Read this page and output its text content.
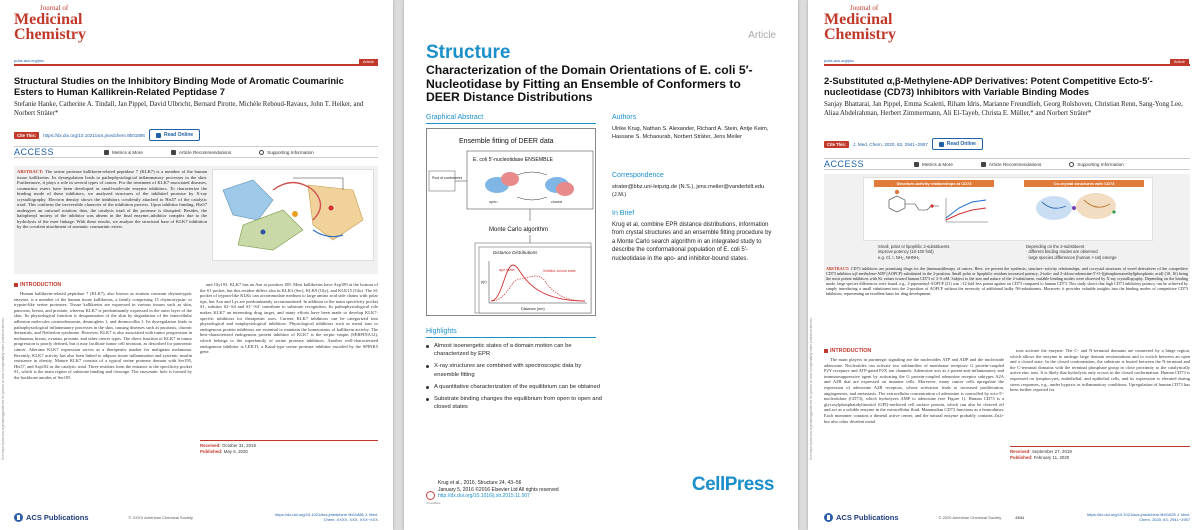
See https://pubs.acs.org/sharingguidelines for options on how to legitimately share published articles.
Journal of
Medicinal
Chemistry
pubs.acs.org/jmc	Article
Structural Studies on the Inhibitory Binding Mode of Aromatic Coumarinic Esters to Human Kallikrein-Related Peptidase 7
Stefanie Hanke, Catherine A. Tindall, Jan Pippel, David Ulbricht, Bernard Pirotte, Michèle Reboud-Ravaux, John T. Heiker, and Norbert Sträter*
Cite This:	https://dx.doi.org/10.1021/acs.jmedchem.9b01886	Read Online
ACCESS	Metrics & More	Article Recommendations	Supporting Information
ABSTRACT: The serine protease kallikrein-related peptidase 7 (KLK7) is a member of the human tissue kallikreins. Its dysregulation leads to pathophysiological inflammatory processes in the skin. Furthermore, it plays a role in several types of cancer. For the treatment of KLK7-associated diseases, coumarinic esters have been developed as small-molecule enzyme inhibitors. To characterize the binding mode of these inhibitors, we analyzed structures of the inhibited protease by X-ray crystallography. Electron density shows the inhibitors covalently attached to His57 of the catalytic triad. This confirms the irreversible character of the inhibition process. Upon inhibitor binding, His57 undergoes an outward rotation; thus, the catalytic triad of the protease is disrupted. Besides, the halophenyl moiety of the inhibitor was absent in the final enzyme–inhibitor complex due to the hydrolysis of the ester linkage. With these results, we analyze the structural base of KLK7 inhibition by the covalent attachment of aromatic coumarinic esters.
INTRODUCTION

Human kallikrein-related peptidase 7 (KLK7), also known as stratum corneum chymotryptic enzyme, is a member of the human tissue kallikreins, a family comprising 15 chymotrypsin- or trypsin-like serine proteases. Tissue kallikreins are expressed in various tissues such as skin, pancreas, breast, and prostate, whereas KLK7 is predominantly expressed in the outer layer of the skin. Its physiological function is desquamation of the skin by degradation of the intercellular adhesion molecules corneodesmosin, desmoglein 1, and desmocollin 1. Its dysregulation leads to pathophysiological inflammatory processes in the skin, causing diseases such as psoriasis, chronic dermatitis, and Netherton syndrome. However, KLK7 is also associated with tumor progression in melanoma, breast, ovarian, prostate, and other cancer types. The direct function of KLK7 in tumor progression is poorly defined, but it may facilitate tumor cell invasion, as described for pancreatic cancer. Aberrant KLK7 expression serves as a therapeutic marker for malignant melanoma. Recently, KLK7 activity has also been linked to adipose tissue inflammation and systemic insulin resistance in obesity. Mature KLK7 consists of a typical serine protease domain with Ser195, His57, and Asp102 as the catalytic triad. Three residues form the entrance to the specificity pocket S1, which is the main region of substrate binding and cleavage. The enzymatic hole is formed by the backbone amides of Ser195

and Gly193. KLK7 has an Asn at position 189. Most kallikreins have Asp189 at the bottom of the S1 pocket, but this residue differs also in KLK3 (Ser), KLK9 (Gly), and KLK15 (Glu). The S1 pocket of trypsin-like KLKs can accommodate medium to large amino acid side chains with polar tips, but Asn and Lys are predominantly accommodated. In addition to the main specificity pocket S1, subsites S2−S4 and S1′−S4′ contribute to substrate recognition. Its pathophysiological role makes KLK7 an interesting drug target, and many efforts have been made to develop KLK7-specific inhibitors for therapeutic uses. Current KLK7 inhibitors can be categorized into physiological and nonphysiological inhibitors. Physiological inhibitors such as metal ions or endogenous protein inhibitors are essential to maintain the homeostasis of kallikrein activity. The best-characterized endogenous protein inhibitor of KLK7 is the serpin vaspin (SERPINA12), which belongs to the superfamily of serine protease inhibitors. Another well-characterized endogenous inhibitor is LEKTI, a Kazal-type serine protease inhibitor encoded by the SPINK5 gene.

Received: October 31, 2019
Published: May 6, 2020
ACS Publications	© XXXX American Chemical Society	https://dx.doi.org/10.1021/acs.jmedchem.9b01886 J. Med. Chem. XXXX, XXX, XXX−XXX
Article
Structure
Characterization of the Domain Orientations of E. coli 5′-Nucleotidase by Fitting an Ensemble of Conformers to DEER Distance Distributions
Graphical Abstract
Ensemble fitting of DEER data
Pool of conformers
E. coli 5′-nucleotidase ENSEMBLE
open	closed
Monte Carlo algorithm
Distance Distributions
p(r)
Distance (nm)
apo state	inhibitor-bound state
Authors
Ulrike Krug, Nathan S. Alexander, Richard A. Stein, Antje Keim, Hassane S. Mchaourab, Norbert Sträter, Jens Meiler
Correspondence
strater@bbz.uni-leipzig.de (N.S.), jens.meiler@vanderbilt.edu (J.M.)
In Brief
Krug et al. combine EPR distance distributions, information from crystal structures and an ensemble fitting procedure by a Monte Carlo search algorithm in an integrated study to describe the conformational population of E. coli 5′-nucleotidase in the apo- and inhibitor-bound states.
Highlights
Almost isoenergetic states of a domain motion can be characterized by EPR
X-ray structures are combined with spectroscopic data by ensemble fitting
A quantitative characterization of the equilibrium can be obtained
Substrate binding changes the equilibrium from open to open and closed states
CrossMark
Krug et al., 2016, Structure 24, 43–56
January 5, 2016 ©2016 Elsevier Ltd All rights reserved
http://dx.doi.org/10.1016/j.str.2015.11.007
CellPress
See https://pubs.acs.org/sharingguidelines for options on how to legitimately share published articles.
Journal of
Medicinal
Chemistry
pubs.acs.org/jmc	Article
2-Substituted α,β-Methylene-ADP Derivatives: Potent Competitive Ecto-5′-nucleotidase (CD73) Inhibitors with Variable Binding Modes
Sanjay Bhattarai, Jan Pippel, Emma Scaletti, Riham Idris, Marianne Freundlieb, Georg Rolshoven, Christian Renn, Sang-Yong Lee, Aliaa Abdelrahman, Herbert Zimmermann, Ali El-Tayeb, Christa E. Müller,* and Norbert Sträter*
Cite This:	J. Med. Chem. 2020, 63, 2941−2957	Read Online
ACCESS	Metrics & More	Article Recommendations	Supporting Information
Structure-activity relationships at CD73	Co-crystal structures with CD73
Small, polar or lipophilic 2-substituents
improve potency (10-100 fold)
e.g. Cl, I, NH₂, NHNH₂
Depending on the 2-substituent
· different binding modes are observed
· large species differences (human > rat) emerge
ABSTRACT: CD73 inhibitors are promising drugs for the (immuno)therapy of cancer. Here, we present the synthesis, structure−activity relationships, and cocrystal structures of novel derivatives of the competitive CD73 inhibitor α,β-methylene-ADP (AOPCP) substituted in the 2-position. Small polar or lipophilic residues increased potency, 2-iodo- and 2-chloro-adenosine-5′-O-[(phosphonomethyl)phosphonic acid] (18, 16) being the most potent inhibitors with Ki values toward human CD73 of 3−6 nM. Subject to the size and nature of the 2-substituent, variable binding modes were observed by X-ray crystallography. Depending on the binding mode, large species differences were found, e.g., 2-piperazinyl-AOPCP (21) was >12 fold less potent against rat CD73 compared to human CD73. This study shows that high CD73 inhibitory potency can be achieved by simply introducing a small substituent into the 2-position of AOPCP without the necessity of additional bulky N6-substituents. Moreover, it provides valuable insights into the binding modes of competitive CD73 inhibitors, representing an excellent basis for drug development.
INTRODUCTION

The main players in purinergic signaling are the nucleotides ATP and ADP and the nucleoside adenosine. Nucleotides can activate two subfamilies of membrane receptors: G protein-coupled P2Y receptors and ATP-gated P2X ion channels. Adenosine acts as a potent anti-inflammatory and immunosuppressive agent by activating the G protein-coupled adenosine receptor subtypes A2A and A2B that are expressed on immune cells. Moreover, many cancer cells upregulate the expression of adenosine A2B receptors, whose activation leads to increased proliferation, angiogenesis, and metastasis. The extracellular concentration of adenosine is controlled by ecto-5′-nucleotidase (CD73), which hydrolyzes AMP to adenosine (see Figure 1). Human CD73 is a glycosylphosphatidylinositol (GPI)-anchored cell surface protein, which can also be cleaved off and act as a soluble enzyme in the extracellular fluid. Mammalian CD73 functions as a homodimer. Each monomer contains a dimetal active center, and the natural enzyme probably contains Zn2+ but also other divalent metal

ions activate the enzyme. The C- and N-terminal domains are connected by a hinge region, which allows the enzyme to undergo large domain reorientations and to switch between an open and a closed state. In the closed conformation, the substrate is buried between the N-terminal and the C-terminal domains with the terminal phosphate group in close proximity to the catalytically active zinc ions. It is likely that hydrolysis only occurs in the closed conformation. Human CD73 is expressed on lymphocytes, endothelial, and epithelial cells, and its expression is elevated during stress responses, e.g., under hypoxic or inflammatory conditions. Upregulation of human CD73 has been further reported for

Received: September 27, 2019
Published: February 11, 2020
ACS Publications	© 2020 American Chemical Society	2941	https://dx.doi.org/10.1021/acs.jmedchem.9b01625 J. Med. Chem. 2020, 63, 2941−2957
